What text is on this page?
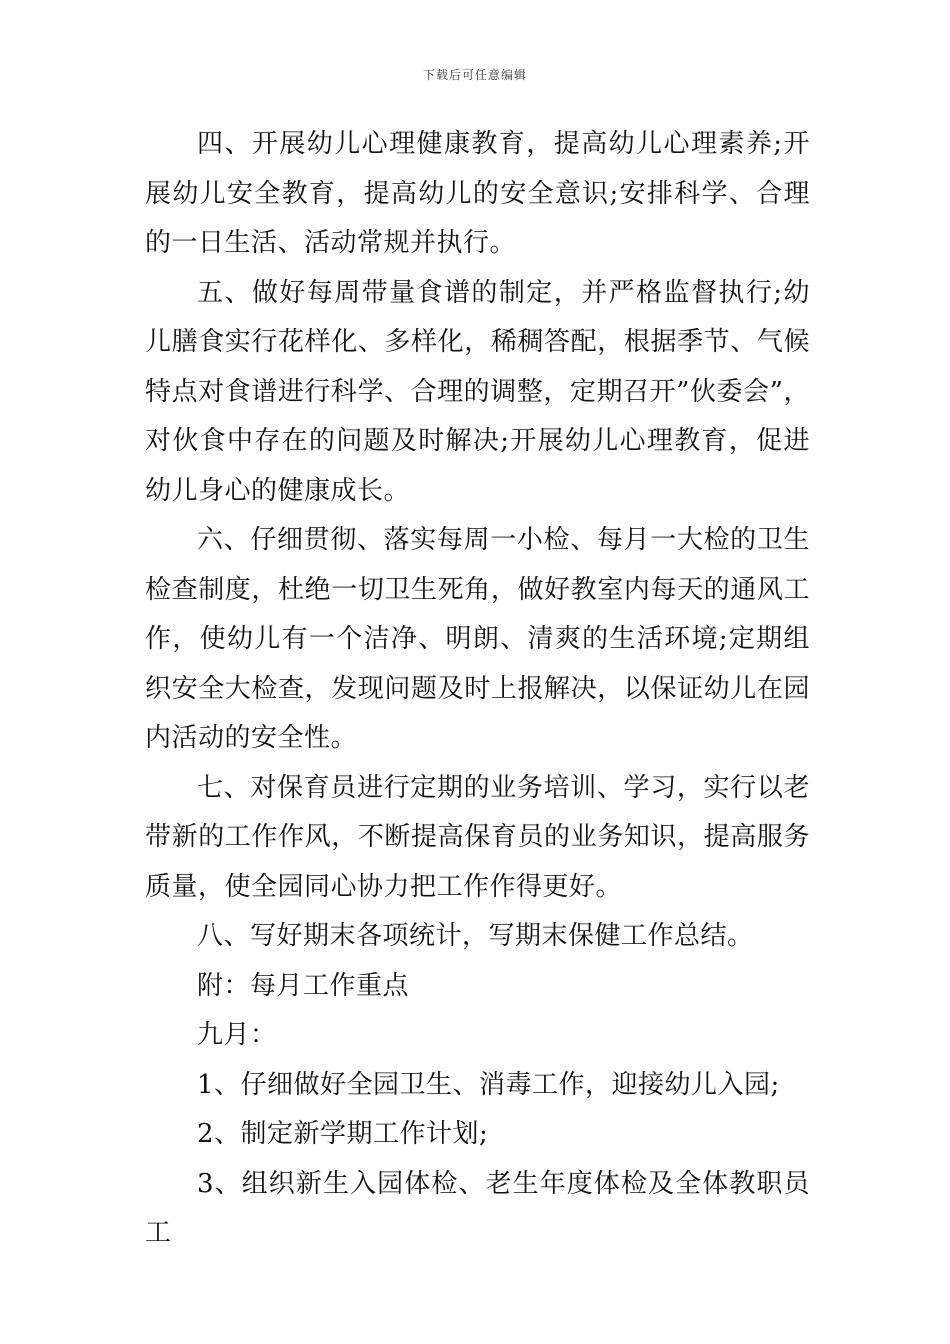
下载后可任意编辑

四、开展幼儿心理健康教育，提高幼儿心理素养;开展幼儿安全教育，提高幼儿的安全意识;安排科学、合理的一日生活、活动常规并执行。

五、做好每周带量食谱的制定，并严格监督执行;幼儿膳食实行花样化、多样化，稀稠答配，根据季节、气候特点对食谱进行科学、合理的调整，定期召开”伙委会”，对伙食中存在的问题及时解决;开展幼儿心理教育，促进幼儿身心的健康成长。

六、仔细贯彻、落实每周一小检、每月一大检的卫生检查制度，杜绝一切卫生死角，做好教室内每天的通风工作，使幼儿有一个洁净、明朗、清爽的生活环境;定期组织安全大检查，发现问题及时上报解决，以保证幼儿在园内活动的安全性。

七、对保育员进行定期的业务培训、学习，实行以老带新的工作作风，不断提高保育员的业务知识，提高服务质量，使全园同心协力把工作作得更好。

八、写好期末各项统计，写期末保健工作总结。

附：每月工作重点

九月：

1、仔细做好全园卫生、消毒工作，迎接幼儿入园;

2、制定新学期工作计划;

3、组织新生入园体检、老生年度体检及全体教职员工
